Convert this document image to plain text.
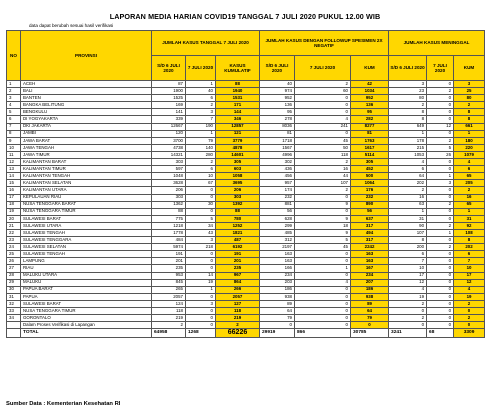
LAPORAN MEDIA HARIAN COVID19 TANGGAL 7 JULI 2020 PUKUL 12.00 WIB
data dapat berubah sesuai hasil verifikasi
NO	PROVINSI	JUMLAH KASUS TANGGAL 7 JULI 2020			JUMLAH KASUS DENGAN FOLLOWUP SPESIMEN 2X NEGATIF			JUMLAH KASUS MENINGGAL		
		S/D 6 JULI 2020	7 JULI 2020	KASUS KUMULATIF	S/D 6 JULI 2020	7 JULI 2020	KUM	S/D 6 JULI 2020	7 JULI 2020	KUM
1	ACEH	87	1	88	40	2	42	3	0	3
2	BALI	1900	40	1940	974	60	1034	23	2	25
3	BANTEN	1525	6	1531	952	0	952	80	0	80
4	BANGKA BELITUNG	169	2	171	136	0	136	2	0	2
5	BENGKULU	141	3	144	95	0	95	8	0	8
6	DI YOGYAKARTA	339	7	346	278	4	282	8	0	8
7	DKI JAKARTA	12667	190	12857	8036	241	8277	649	12	661
8	JAMBI	120	1	121	81	0	81	1	0	1
9	JAWA BARAT	3700	79	3779	1718	45	1763	178	2	180
10	JAWA TENGAH	4738	140	4878	1567	50	1617	215	5	220
11	JAWA TIMUR	14321	280	14601	4996	118	5114	1053	26	1079
12	KALIMANTAN BARAT	303	2	305	302	2	305	4	0	4
13	KALIMANTAN TIMUR	597	6	603	436	16	452	6	0	6
14	KALIMANTAN TENGAH	1048	10	1058	456	44	500	64	1	65
15	KALIMANTAN SELATAN	3628	67	3695	957	107	1064	202	3	205
16	KALIMANTAN UTARA	206	0	206	174	2	176	2	0	2
17	KEPULAUAN RIAU	303	0	303	232	0	232	16	0	16
18	NUSA TENGGARA BARAT	1362	30	1392	881	9	890	63	2	65
19	NUSA TENGGARA TIMUR	88	0	88	56	0	56	1	0	1
20	SULAWESI BARAT	775	5	780	628	9	637	31	0	31
21	SULAWESI UTARA	1218	34	1252	299	18	317	90	2	92
22	SULAWESI TENGAH	1778	43	1821	485	9	494	107	1	108
23	SULAWESI TENGGARA	484	3	487	312	5	317	8	0	8
24	SULAWESI SELATAN	5974	218	6192	2197	45	2242	200	2	202
25	SULAWESI TENGAH	191	0	191	163	0	163	6	0	6
26	LAMPUNG	201	0	201	163	0	163	7	0	7
27	RIAU	235	0	235	166	1	167	10	0	10
28	MALUKU UTARA	953	14	967	234	0	234	17	0	17
29	MALUKU	845	19	864	203	4	207	12	0	12
30	PAPUA BARAT	265	1	266	186	0	186	4	0	4
31	PAPUA	2057	0	2057	938	0	938	19	0	19
32	SULAWESI BARAT	124	3	127	89	0	89	2	0	2
33	NUSA TENGGARA TIMUR	118	0	118	64	0	64	0	0	0
34	GORONTALO	219	0	219	79	0	79	2	0	2
	Dalam Proses Verifikasi di Lapangan	2	0	2	0	0	0	0	0	0
	TOTAL	64958	1268	66226	29919	866	30785	3241	68	3309
Sumber Data : Kementerian Kesehatan RI
